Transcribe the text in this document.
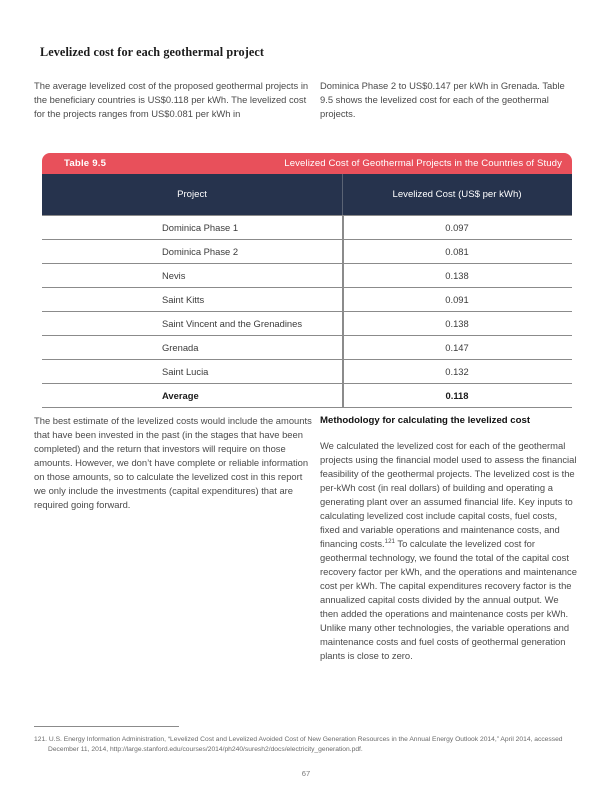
Levelized cost for each geothermal project
The average levelized cost of the proposed geothermal projects in the beneficiary countries is US$0.118 per kWh. The levelized cost for the projects ranges from US$0.081 per kWh in
Dominica Phase 2 to US$0.147 per kWh in Grenada. Table 9.5 shows the levelized cost for each of the geothermal projects.
Table 9.5	Levelized Cost of Geothermal Projects in the Countries of Study
Project	Levelized Cost (US$ per kWh)
Dominica Phase 1	0.097
Dominica Phase 2	0.081
Nevis	0.138
Saint Kitts	0.091
Saint Vincent and the Grenadines	0.138
Grenada	0.147
Saint Lucia	0.132
Average	0.118
The best estimate of the levelized costs would include the amounts that have been invested in the past (in the stages that have been completed) and the return that investors will require on those amounts. However, we don’t have complete or reliable information on those amounts, so to calculate the levelized cost in this report we only include the investments (capital expenditures) that are required going forward.
Methodology for calculating the levelized cost

We calculated the levelized cost for each of the geothermal projects using the financial model used to assess the financial feasibility of the geothermal projects. The levelized cost is the per-kWh cost (in real dollars) of building and operating a generating plant over an assumed financial life. Key inputs to calculating levelized cost include capital costs, fuel costs, fixed and variable operations and maintenance costs, and financing costs.$^{121}$ To calculate the levelized cost for geothermal technology, we found the total of the capital cost recovery factor per kWh, and the operations and maintenance cost per kWh. The capital expenditures recovery factor is the annualized capital costs divided by the annual output. We then added the operations and maintenance costs per kWh. Unlike many other technologies, the variable operations and maintenance costs and fuel costs of geothermal generation plants is close to zero.

121. U.S. Energy Information Administration, “Levelized Cost and Levelized Avoided Cost of New Generation Resources in the Annual Energy Outlook 2014,” April 2014, accessed December 11, 2014, http://large.stanford.edu/courses/2014/ph240/suresh2/docs/electricity_generation.pdf.
67
